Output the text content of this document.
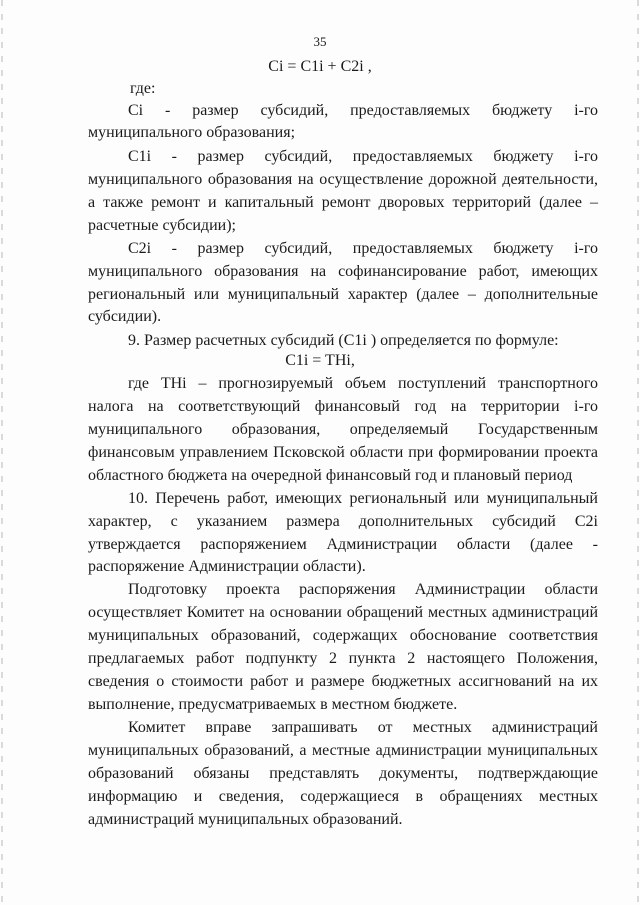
35
Ci = C1i + C2i ,
где:
Ci - размер субсидий, предоставляемых бюджету i-го
муниципального образования;
C1i - размер субсидий, предоставляемых бюджету i-го
муниципального образования на осуществление дорожной деятельности,
а также ремонт и капитальный ремонт дворовых территорий (далее –
расчетные субсидии);
C2i - размер субсидий, предоставляемых бюджету i-го
муниципального образования на софинансирование работ, имеющих
региональный или муниципальный характер (далее – дополнительные
субсидии).
9. Размер расчетных субсидий (C1i ) определяется по формуле:
C1i = THi,
где THi – прогнозируемый объем поступлений транспортного
налога на соответствующий финансовый год на территории i-го
муниципального образования, определяемый Государственным
финансовым управлением Псковской области при формировании проекта
областного бюджета на очередной финансовый год и плановый период
10. Перечень работ, имеющих региональный или муниципальный
характер, с указанием размера дополнительных субсидий C2i
утверждается распоряжением Администрации области (далее -
распоряжение Администрации области).
Подготовку проекта распоряжения Администрации области
осуществляет Комитет на основании обращений местных администраций
муниципальных образований, содержащих обоснование соответствия
предлагаемых работ подпункту 2 пункта 2 настоящего Положения,
сведения о стоимости работ и размере бюджетных ассигнований на их
выполнение, предусматриваемых в местном бюджете.
Комитет вправе запрашивать от местных администраций
муниципальных образований, а местные администрации муниципальных
образований обязаны представлять документы, подтверждающие
информацию и сведения, содержащиеся в обращениях местных
администраций муниципальных образований.
